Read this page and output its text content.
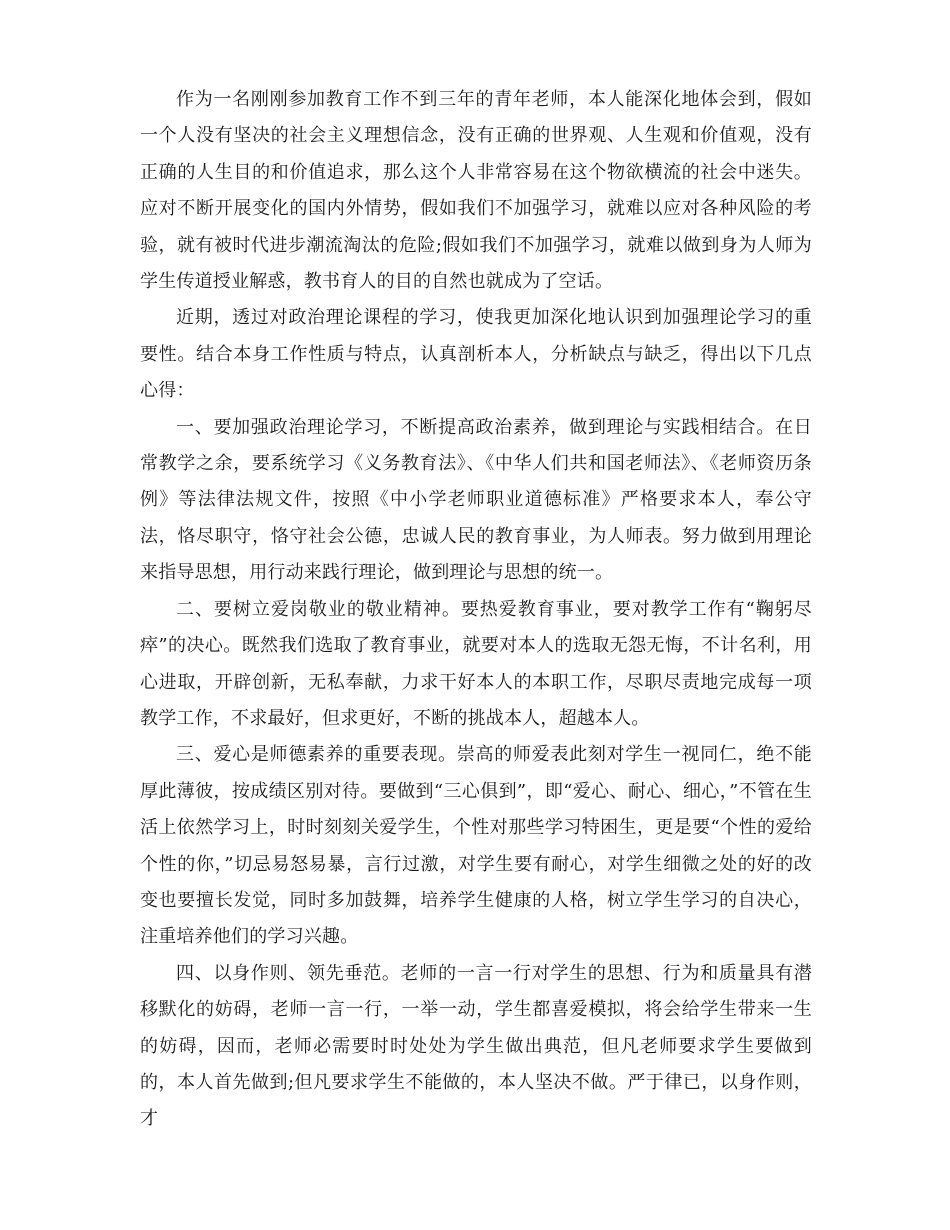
作为一名刚刚参加教育工作不到三年的青年老师，本人能深化地体会到，假如一个人没有坚决的社会主义理想信念，没有正确的世界观、人生观和价值观，没有正确的人生目的和价值追求，那么这个人非常容易在这个物欲横流的社会中迷失。应对不断开展变化的国内外情势，假如我们不加强学习，就难以应对各种风险的考验，就有被时代进步潮流淘汰的危险;假如我们不加强学习，就难以做到身为人师为学生传道授业解惑，教书育人的目的自然也就成为了空话。

近期，透过对政治理论课程的学习，使我更加深化地认识到加强理论学习的重要性。结合本身工作性质与特点，认真剖析本人，分析缺点与缺乏，得出以下几点心得：

一、要加强政治理论学习，不断提高政治素养，做到理论与实践相结合。在日常教学之余，要系统学习《义务教育法》、《中华人们共和国老师法》、《老师资历条例》等法律法规文件，按照《中小学老师职业道德标准》严格要求本人，奉公守法，恪尽职守，恪守社会公德，忠诚人民的教育事业，为人师表。努力做到用理论来指导思想，用行动来践行理论，做到理论与思想的统一。

二、要树立爱岗敬业的敬业精神。要热爱教育事业，要对教学工作有“鞠躬尽瘁”的决心。既然我们选取了教育事业，就要对本人的选取无怨无悔，不计名利，用心进取，开辟创新，无私奉献，力求干好本人的本职工作，尽职尽责地完成每一项教学工作，不求最好，但求更好，不断的挑战本人，超越本人。

三、爱心是师德素养的重要表现。崇高的师爱表此刻对学生一视同仁，绝不能厚此薄彼，按成绩区别对待。要做到“三心俱到”，即“爱心、耐心、细心，”不管在生活上依然学习上，时时刻刻关爱学生，个性对那些学习特困生，更是要“个性的爱给个性的你，”切忌易怒易暴，言行过激，对学生要有耐心，对学生细微之处的好的改变也要擅长发觉，同时多加鼓舞，培养学生健康的人格，树立学生学习的自决心，注重培养他们的学习兴趣。

四、以身作则、领先垂范。老师的一言一行对学生的思想、行为和质量具有潜移默化的妨碍，老师一言一行，一举一动，学生都喜爱模拟，将会给学生带来一生的妨碍，因而，老师必需要时时处处为学生做出典范，但凡老师要求学生要做到的，本人首先做到;但凡要求学生不能做的，本人坚决不做。严于律已，以身作则，才
